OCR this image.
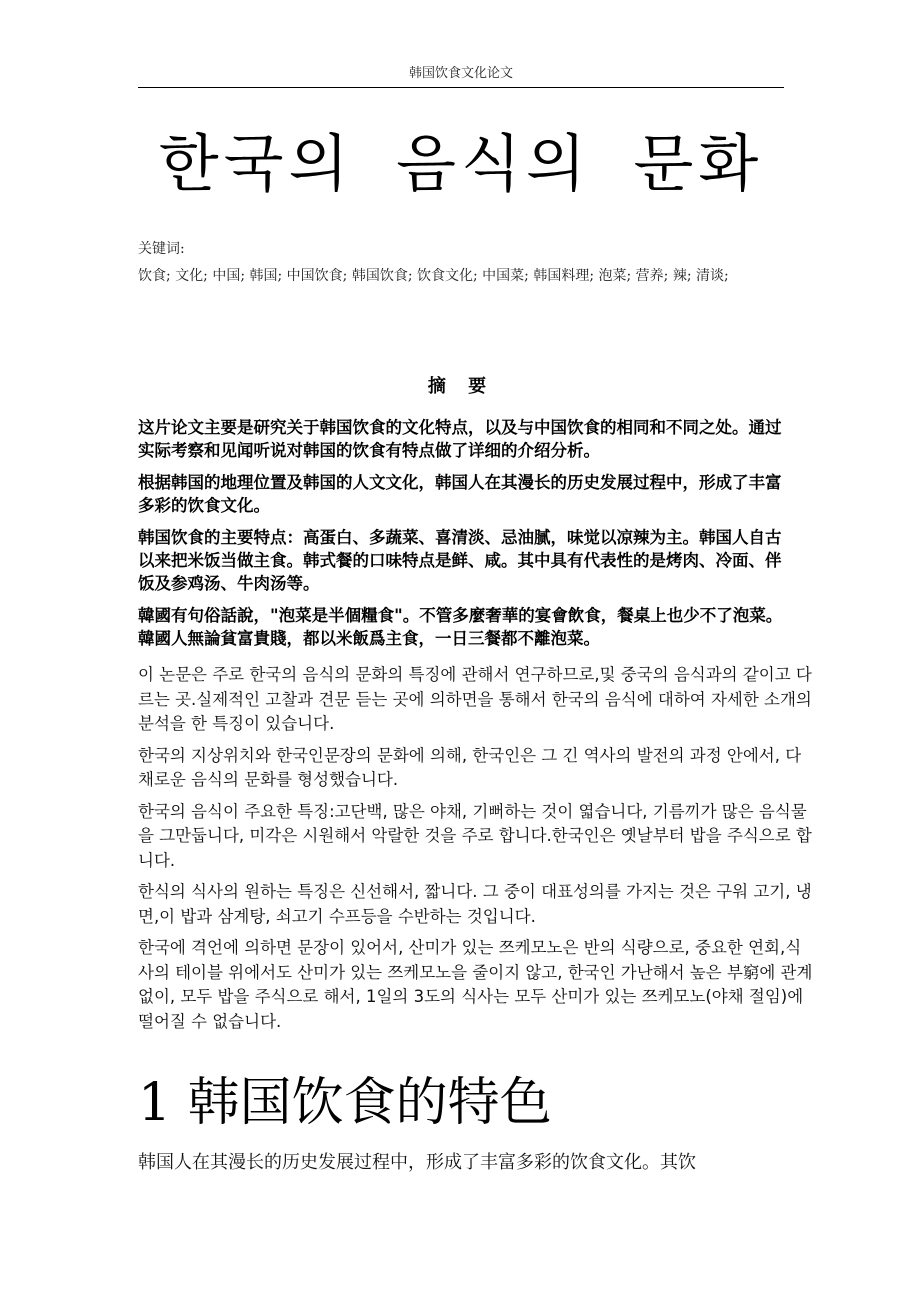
韩国饮食文化论文
한국의 음식의 문화
关键词:
饮食; 文化; 中国; 韩国; 中国饮食; 韩国饮食; 饮食文化; 中国菜; 韩国料理; 泡菜; 营养; 辣; 清谈;
摘 要

这片论文主要是研究关于韩国饮食的文化特点，以及与中国饮食的相同和不同之处。通过实际考察和见闻听说对韩国的饮食有特点做了详细的介绍分析。

根据韩国的地理位置及韩国的人文文化，韩国人在其漫长的历史发展过程中，形成了丰富多彩的饮食文化。

韩国饮食的主要特点：高蛋白、多蔬菜、喜清淡、忌油腻，味觉以凉辣为主。韩国人自古以来把米饭当做主食。韩式餐的口味特点是鲜、咸。其中具有代表性的是烤肉、冷面、伴饭及参鸡汤、牛肉汤等。

韓國有句俗話說，"泡菜是半個糧食"。不管多麼奢華的宴會飲食，餐桌上也少不了泡菜。韓國人無論貧富貴賤，都以米飯爲主食，一日三餐都不離泡菜。

이 논문은 주로 한국의 음식의 문화의 특징에 관해서 연구하므로,및 중국의 음식과의 같이고 다르는 곳.실제적인 고찰과 견문 듣는 곳에 의하면을 통해서 한국의 음식에 대하여 자세한 소개의 분석을 한 특징이 있습니다.

한국의 지상위치와 한국인문장의 문화에 의해, 한국인은 그 긴 역사의 발전의 과정 안에서, 다채로운 음식의 문화를 형성했습니다.

한국의 음식이 주요한 특징:고단백, 많은 야채, 기뻐하는 것이 엷습니다, 기름끼가 많은 음식물을 그만둡니다, 미각은 시원해서 악랄한 것을 주로 합니다.한국인은 옛날부터 밥을 주식으로 합니다.

한식의 식사의 원하는 특징은 신선해서, 짧니다. 그 중이 대표성의를 가지는 것은 구워 고기, 냉면,이 밥과 삼계탕, 쇠고기 수프등을 수반하는 것입니다.

한국에 격언에 의하면 문장이 있어서, 산미가 있는 쯔케모노은 반의 식량으로, 중요한 연회,식사의 테이블 위에서도 산미가 있는 쯔케모노을 줄이지 않고, 한국인 가난해서 높은 부窮에 관계 없이, 모두 밥을 주식으로 해서, 1일의 3도의 식사는 모두 산미가 있는 쯔케모노(야채 절임)에 떨어질 수 없습니다.

1 韩国饮食的特色
韩国人在其漫长的历史发展过程中，形成了丰富多彩的饮食文化。其饮
